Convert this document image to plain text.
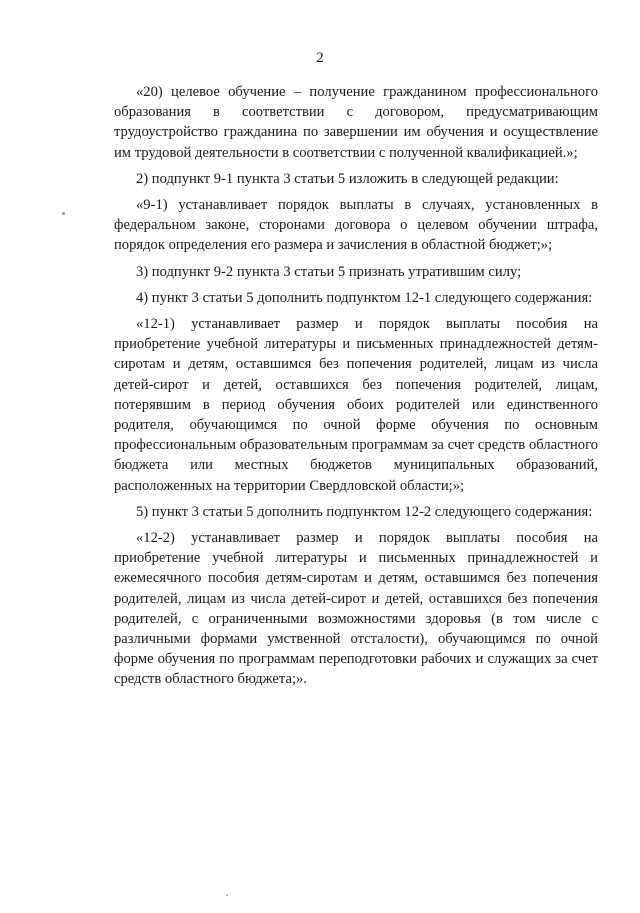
2

«20) целевое обучение – получение гражданином профессионального образования в соответствии с договором, предусматривающим трудоустройство гражданина по завершении им обучения и осуществление им трудовой деятельности в соответствии с полученной квалификацией.»;

2) подпункт 9-1 пункта 3 статьи 5 изложить в следующей редакции:

«9-1) устанавливает порядок выплаты в случаях, установленных в федеральном законе, сторонами договора о целевом обучении штрафа, порядок определения его размера и зачисления в областной бюджет;»;

3) подпункт 9-2 пункта 3 статьи 5 признать утратившим силу;

4) пункт 3 статьи 5 дополнить подпунктом 12-1 следующего содержания:

«12-1) устанавливает размер и порядок выплаты пособия на приобретение учебной литературы и письменных принадлежностей детям-сиротам и детям, оставшимся без попечения родителей, лицам из числа детей-сирот и детей, оставшихся без попечения родителей, лицам, потерявшим в период обучения обоих родителей или единственного родителя, обучающимся по очной форме обучения по основным профессиональным образовательным программам за счет средств областного бюджета или местных бюджетов муниципальных образований, расположенных на территории Свердловской области;»;

5) пункт 3 статьи 5 дополнить подпунктом 12-2 следующего содержания:

«12-2) устанавливает размер и порядок выплаты пособия на приобретение учебной литературы и письменных принадлежностей и ежемесячного пособия детям-сиротам и детям, оставшимся без попечения родителей, лицам из числа детей-сирот и детей, оставшихся без попечения родителей, с ограниченными возможностями здоровья (в том числе с различными формами умственной отсталости), обучающимся по очной форме обучения по программам переподготовки рабочих и служащих за счет средств областного бюджета;».
